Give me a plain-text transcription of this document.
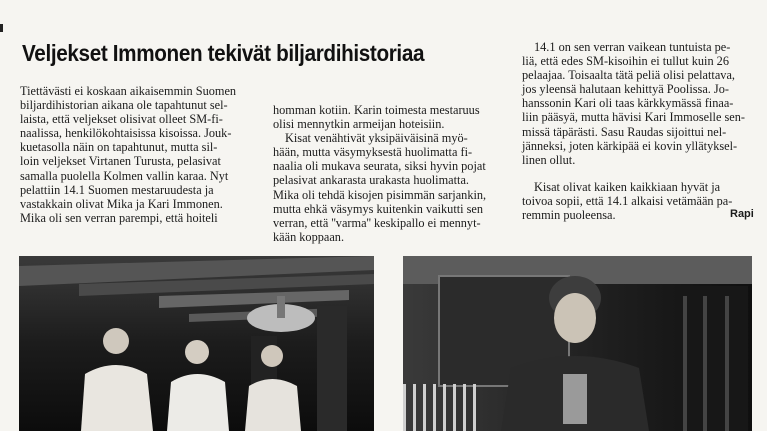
Veljekset Immonen tekivät biljardihistoriaa

Tiettävästi ei koskaan aikaisemmin Suomen

biljardihistorian aikana ole tapahtunut sel-

laista, että veljekset olisivat olleet SM-fi-

naalissa, henkilökohtaisissa kisoissa. Jouk-

kuetasolla näin on tapahtunut, mutta sil-

loin veljekset Virtanen Turusta, pelasivat

samalla puolella Kolmen vallin karaa. Nyt

pelattiin 14.1 Suomen mestaruudesta ja

vastakkain olivat Mika ja Kari Immonen.

Mika oli sen verran parempi, että hoiteli

homman kotiin. Karin toimesta mestaruus

olisi mennytkin armeijan hoteisiin.

Kisat venähtivät yksipäiväisinä myö-

hään, mutta väsymyksestä huolimatta fi-

naalia oli mukava seurata, siksi hyvin pojat

pelasivat ankarasta urakasta huolimatta.

Mika oli tehdä kisojen pisimmän sarjankin,

mutta ehkä väsymys kuitenkin vaikutti sen

verran, että ''varma'' keskipallo ei mennyt-

kään koppaan.

14.1 on sen verran vaikean tuntuista pe-

liä, että edes SM-kisoihin ei tullut kuin 26

pelaajaa. Toisaalta tätä peliä olisi pelattava,

jos yleensä halutaan kehittyä Poolissa. Jo-

hanssonin Kari oli taas kärkkymässä finaa-

liin pääsyä, mutta hävisi Kari Immoselle sen-

missä täpärästi. Sasu Raudas sijoittui nel-

jänneksi, joten kärkipää ei kovin yllätyksel-

linen ollut.

Kisat olivat kaiken kaikkiaan hyvät ja

toivoa sopii, että 14.1 alkaisi vetämään pa-

remmin puoleensa.	Rapi
